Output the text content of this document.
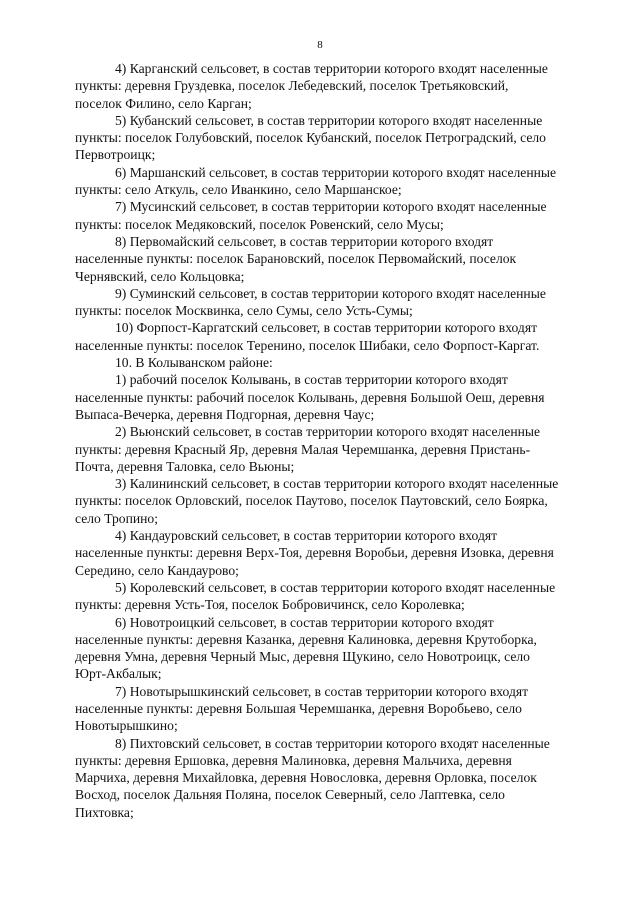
8

4) Карганский сельсовет, в состав территории которого входят населенные
пункты: деревня Груздевка, поселок Лебедевский, поселок Третьяковский,
поселок Филино, село Карган;

5) Кубанский сельсовет, в состав территории которого входят населенные
пункты: поселок Голубовский, поселок Кубанский, поселок Петроградский, село
Первотроицк;

6) Маршанский сельсовет, в состав территории которого входят населенные
пункты: село Аткуль, село Иванкино, село Маршанское;

7) Мусинский сельсовет, в состав территории которого входят населенные
пункты: поселок Медяковский, поселок Ровенский, село Мусы;

8) Первомайский сельсовет, в состав территории которого входят
населенные пункты: поселок Барановский, поселок Первомайский, поселок
Чернявский, село Кольцовка;

9) Суминский сельсовет, в состав территории которого входят населенные
пункты: поселок Москвинка, село Сумы, село Усть-Сумы;

10) Форпост-Каргатский сельсовет, в состав территории которого входят
населенные пункты: поселок Теренино, поселок Шибаки, село Форпост-Каргат.

10. В Колыванском районе:

1) рабочий поселок Колывань, в состав территории которого входят
населенные пункты: рабочий поселок Колывань, деревня Большой Оеш, деревня
Выпаса-Вечерка, деревня Подгорная, деревня Чаус;

2) Вьюнский сельсовет, в состав территории которого входят населенные
пункты: деревня Красный Яр, деревня Малая Черемшанка, деревня Пристань-
Почта, деревня Таловка, село Вьюны;

3) Калининский сельсовет, в состав территории которого входят населенные
пункты: поселок Орловский, поселок Паутово, поселок Паутовский, село Боярка,
село Тропино;

4) Кандауровский сельсовет, в состав территории которого входят
населенные пункты: деревня Верх-Тоя, деревня Воробьи, деревня Изовка, деревня
Середино, село Кандаурово;

5) Королевский сельсовет, в состав территории которого входят населенные
пункты: деревня Усть-Тоя, поселок Бобровичинск, село Королевка;

6) Новотроицкий сельсовет, в состав территории которого входят
населенные пункты: деревня Казанка, деревня Калиновка, деревня Крутоборка,
деревня Умна, деревня Черный Мыс, деревня Щукино, село Новотроицк, село
Юрт-Акбалык;

7) Новотырышкинский сельсовет, в состав территории которого входят
населенные пункты: деревня Большая Черемшанка, деревня Воробьево, село
Новотырышкино;

8) Пихтовский сельсовет, в состав территории которого входят населенные
пункты: деревня Ершовка, деревня Малиновка, деревня Мальчиха, деревня
Марчиха, деревня Михайловка, деревня Новословка, деревня Орловка, поселок
Восход, поселок Дальняя Поляна, поселок Северный, село Лаптевка, село
Пихтовка;
